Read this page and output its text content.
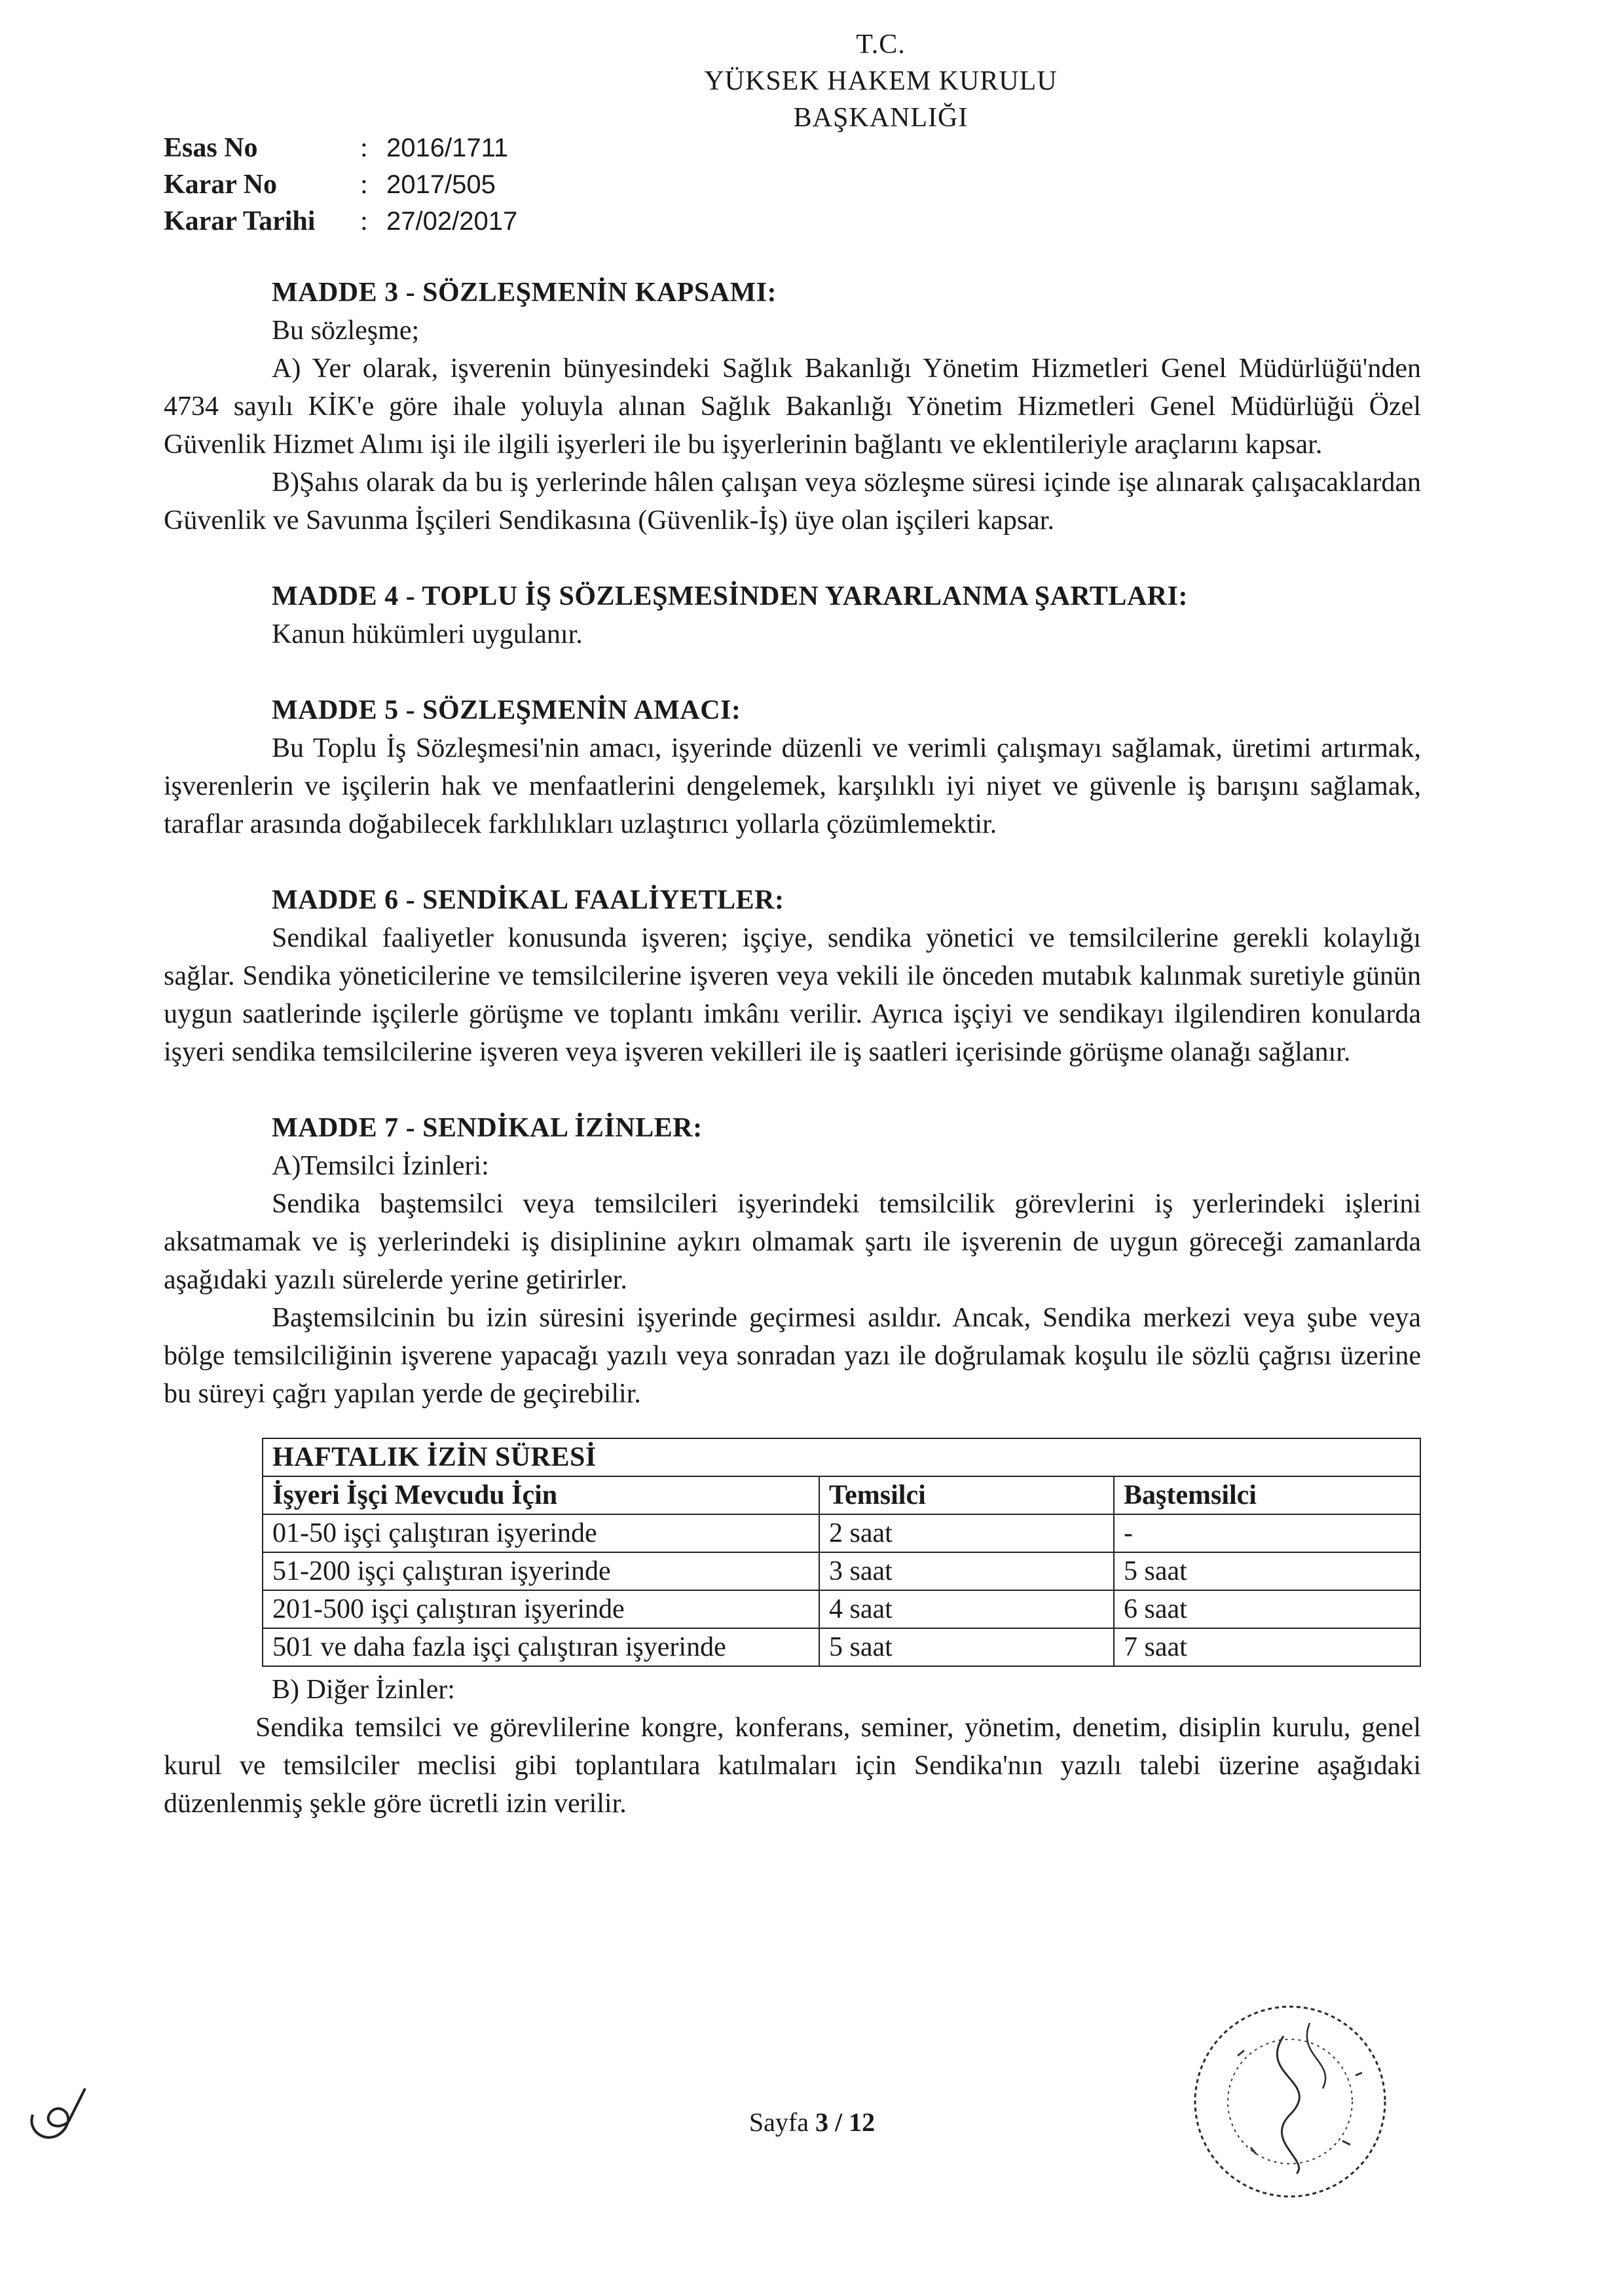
T.C.
YÜKSEK HAKEM KURULU
BAŞKANLIĞI
Esas No	: 2016/1711
Karar No	: 2017/505
Karar Tarihi	: 27/02/2017
MADDE 3 - SÖZLEŞMENİN KAPSAMI:

Bu sözleşme;

A) Yer olarak, işverenin bünyesindeki Sağlık Bakanlığı Yönetim Hizmetleri Genel Müdürlüğü'nden 4734 sayılı KİK'e göre ihale yoluyla alınan Sağlık Bakanlığı Yönetim Hizmetleri Genel Müdürlüğü Özel Güvenlik Hizmet Alımı işi ile ilgili işyerleri ile bu işyerlerinin bağlantı ve eklentileriyle araçlarını kapsar.

B)Şahıs olarak da bu iş yerlerinde hâlen çalışan veya sözleşme süresi içinde işe alınarak çalışacaklardan Güvenlik ve Savunma İşçileri Sendikasına (Güvenlik-İş) üye olan işçileri kapsar.

MADDE 4 - TOPLU İŞ SÖZLEŞMESİNDEN YARARLANMA ŞARTLARI:

Kanun hükümleri uygulanır.

MADDE 5 - SÖZLEŞMENİN AMACI:

Bu Toplu İş Sözleşmesi'nin amacı, işyerinde düzenli ve verimli çalışmayı sağlamak, üretimi artırmak, işverenlerin ve işçilerin hak ve menfaatlerini dengelemek, karşılıklı iyi niyet ve güvenle iş barışını sağlamak, taraflar arasında doğabilecek farklılıkları uzlaştırıcı yollarla çözümlemektir.

MADDE 6 - SENDİKAL FAALİYETLER:

Sendikal faaliyetler konusunda işveren; işçiye, sendika yönetici ve temsilcilerine gerekli kolaylığı sağlar. Sendika yöneticilerine ve temsilcilerine işveren veya vekili ile önceden mutabık kalınmak suretiyle günün uygun saatlerinde işçilerle görüşme ve toplantı imkânı verilir. Ayrıca işçiyi ve sendikayı ilgilendiren konularda işyeri sendika temsilcilerine işveren veya işveren vekilleri ile iş saatleri içerisinde görüşme olanağı sağlanır.

MADDE 7 - SENDİKAL İZİNLER:

A)Temsilci İzinleri:

Sendika baştemsilci veya temsilcileri işyerindeki temsilcilik görevlerini iş yerlerindeki işlerini aksatmamak ve iş yerlerindeki iş disiplinine aykırı olmamak şartı ile işverenin de uygun göreceği zamanlarda aşağıdaki yazılı sürelerde yerine getirirler.

Baştemsilcinin bu izin süresini işyerinde geçirmesi asıldır. Ancak, Sendika merkezi veya şube veya bölge temsilciliğinin işverene yapacağı yazılı veya sonradan yazı ile doğrulamak koşulu ile sözlü çağrısı üzerine bu süreyi çağrı yapılan yerde de geçirebilir.

HAFTALIK İZİN SÜRESİ		
İşyeri İşçi Mevcudu İçin	Temsilci	Baştemsilci
01-50 işçi çalıştıran işyerinde	2 saat	-
51-200 işçi çalıştıran işyerinde	3 saat	5 saat
201-500 işçi çalıştıran işyerinde	4 saat	6 saat
501 ve daha fazla işçi çalıştıran işyerinde	5 saat	7 saat

B) Diğer İzinler:

Sendika temsilci ve görevlilerine kongre, konferans, seminer, yönetim, denetim, disiplin kurulu, genel kurul ve temsilciler meclisi gibi toplantılara katılmaları için Sendika'nın yazılı talebi üzerine aşağıdaki düzenlenmiş şekle göre ücretli izin verilir.

Sayfa 3 / 12
